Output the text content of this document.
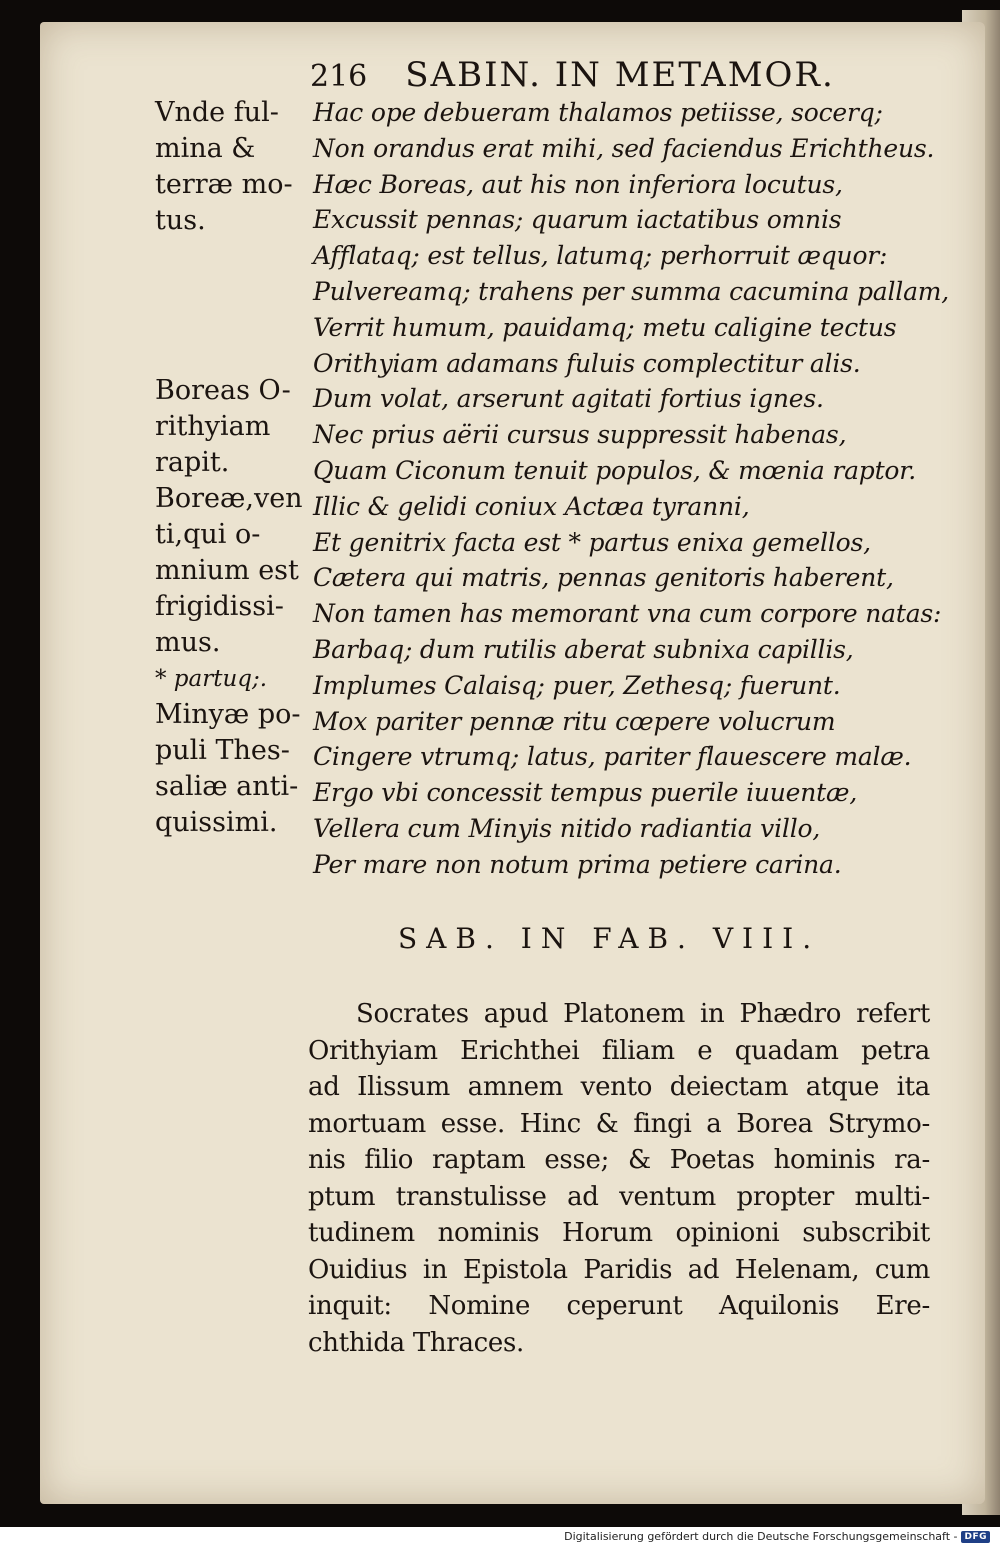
216 SABIN. IN METAMOR.
Vnde ful-
mina &
terræ mo-
tus.
Boreas O-
rithyiam
rapit.
Boreæ,ven
ti,qui o-
mnium est
frigidissi-
mus.
* partuq;.
Minyæ po-
puli Thes-
saliæ anti-
quissimi.
Hac ope debueram thalamos petiisse, socerq;
Non orandus erat mihi, sed faciendus Erichtheus.
Hæc Boreas, aut his non inferiora locutus,
Excussit pennas; quarum iactatibus omnis
Afflataq; est tellus, latumq; perhorruit æquor:
Pulvereamq; trahens per summa cacumina pallam,
Verrit humum, pauidamq; metu caligine tectus
Orithyiam adamans fuluis complectitur alis.
Dum volat, arserunt agitati fortius ignes.
Nec prius aërii cursus suppressit habenas,
Quam Ciconum tenuit populos, & mœnia raptor.
Illic & gelidi coniux Actæa tyranni,
Et genitrix facta est * partus enixa gemellos,
Cætera qui matris, pennas genitoris haberent,
Non tamen has memorant vna cum corpore natas:
Barbaq; dum rutilis aberat subnixa capillis,
Implumes Calaisq; puer, Zethesq; fuerunt.
Mox pariter pennæ ritu cœpere volucrum
Cingere vtrumq; latus, pariter flauescere malæ.
Ergo vbi concessit tempus puerile iuuentæ,
Vellera cum Minyis nitido radiantia villo,
Per mare non notum prima petiere carina.
SAB. IN FAB. VIII.
Socrates apud Platonem in Phædro refert
Orithyiam Erichthei filiam e quadam petra
ad Ilissum amnem vento deiectam atque ita
mortuam esse. Hinc & fingi a Borea Strymo-
nis filio raptam esse; & Poetas hominis ra-
ptum transtulisse ad ventum propter multi-
tudinem nominis Horum opinioni subscribit
Ouidius in Epistola Paridis ad Helenam, cum
inquit: Nomine ceperunt Aquilonis Ere-
chthida Thraces.
Digitalisierung gefördert durch die Deutsche Forschungsgemeinschaft - DFG
